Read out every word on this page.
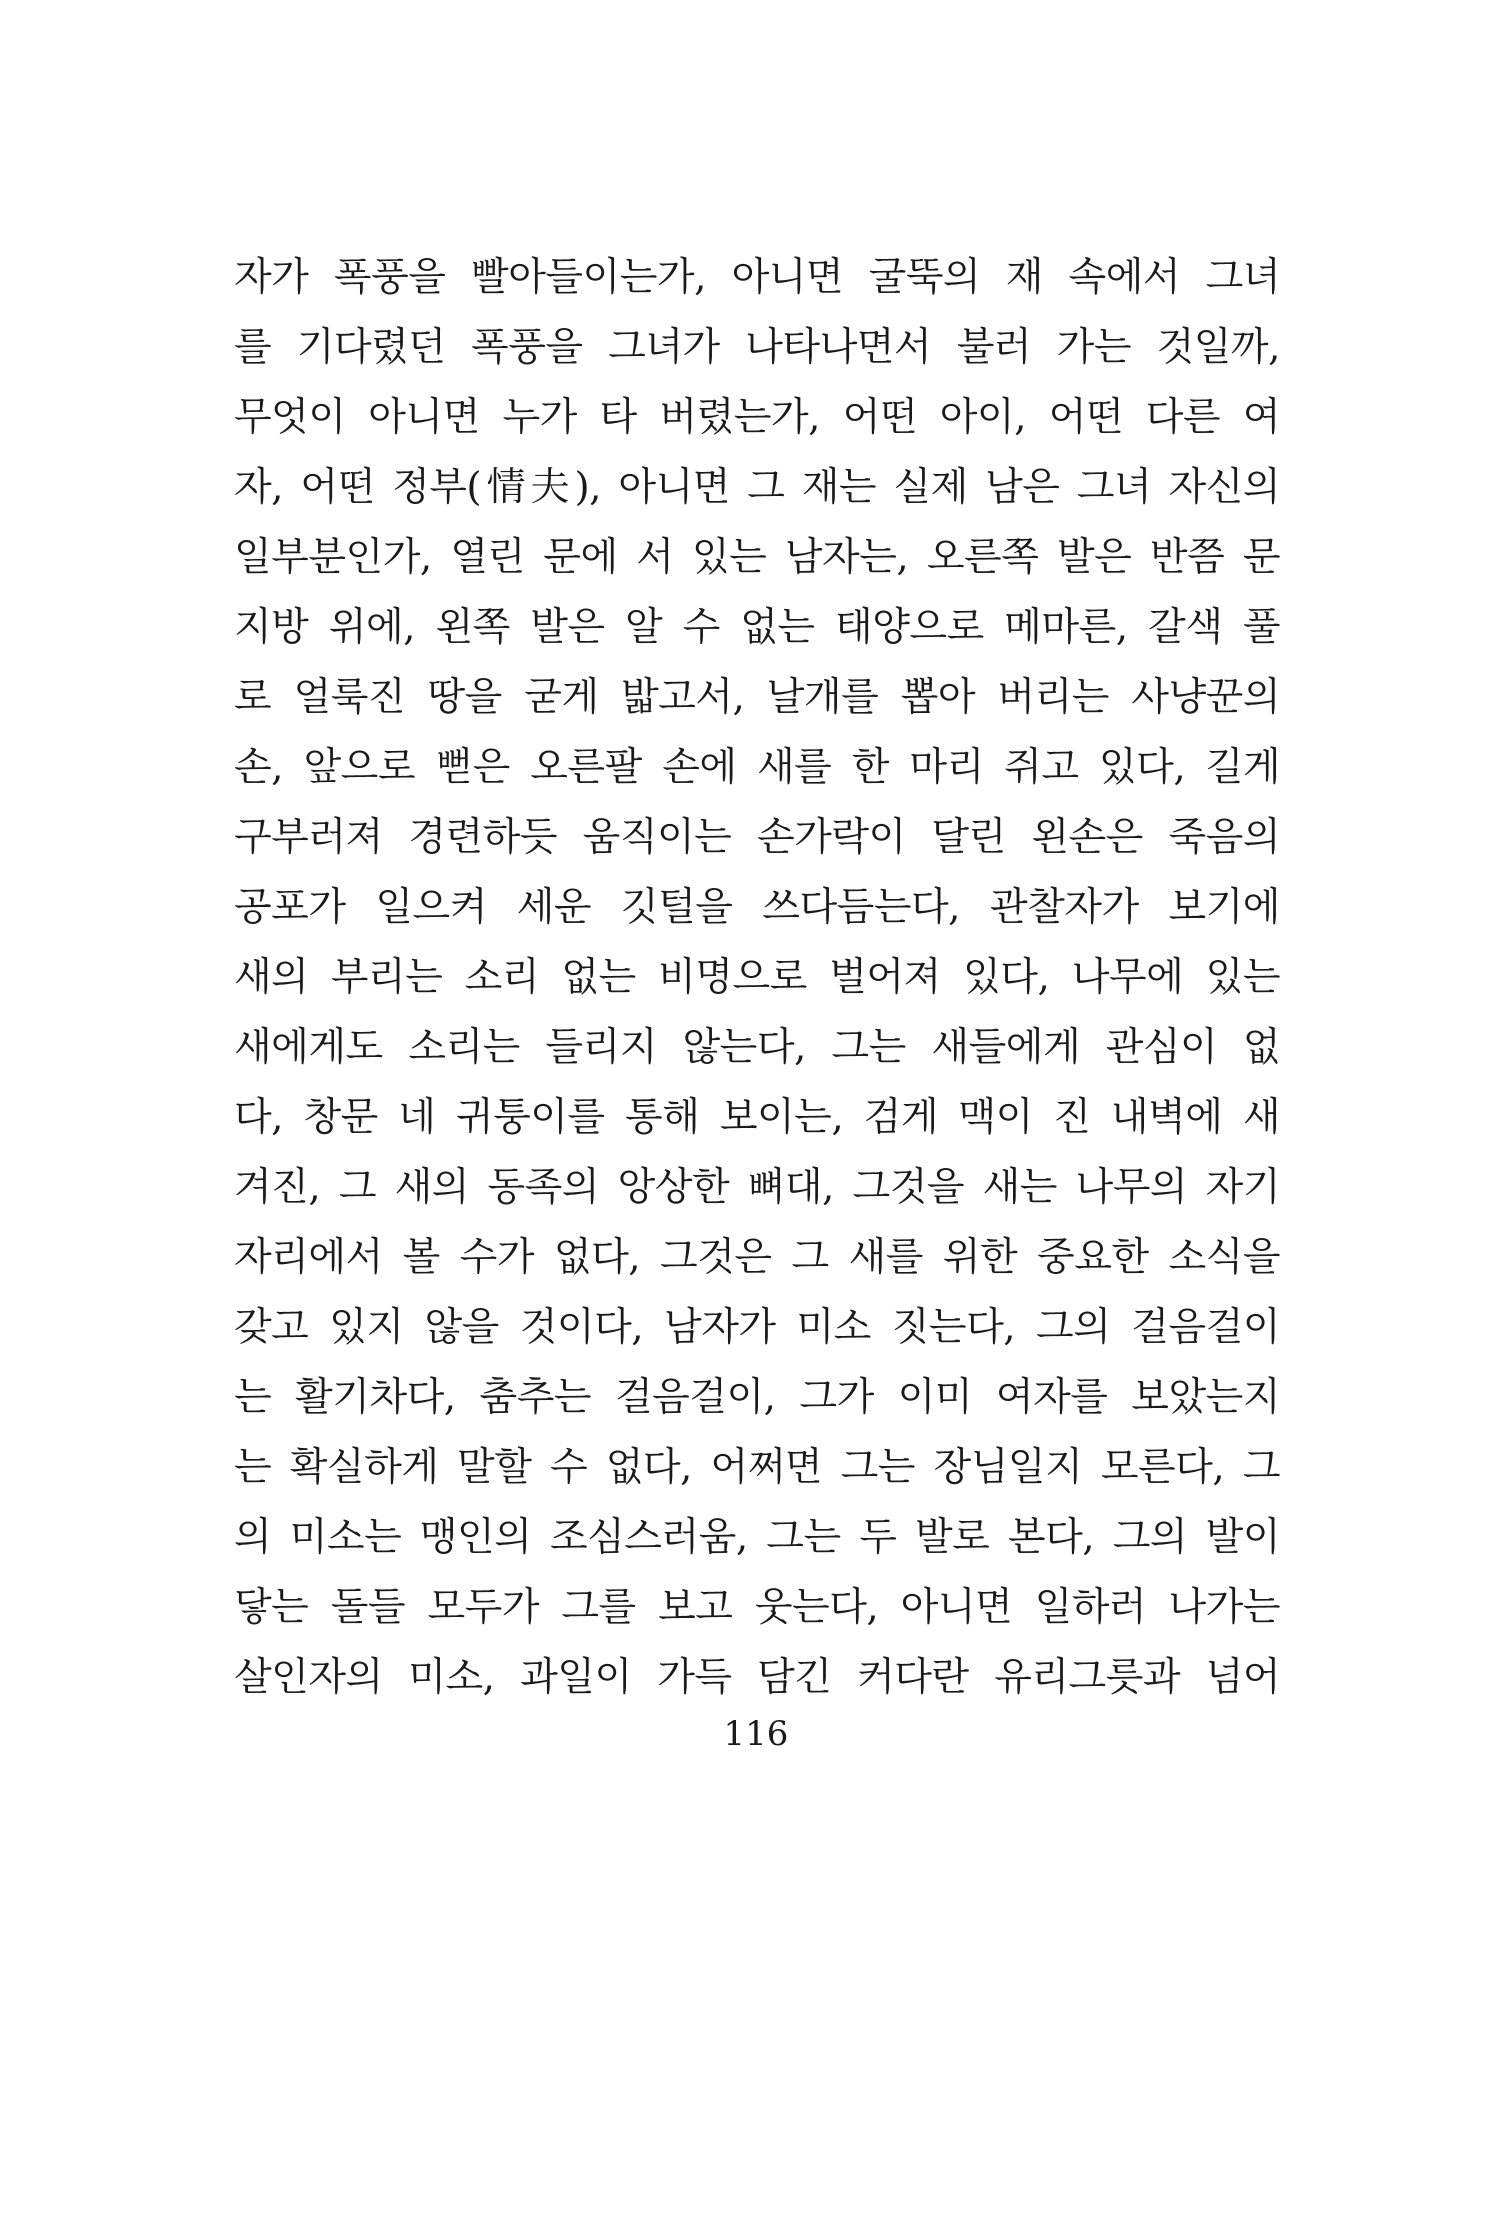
자가 폭풍을 빨아들이는가, 아니면 굴뚝의 재 속에서 그녀
를 기다렸던 폭풍을 그녀가 나타나면서 불러 가는 것일까,
무엇이 아니면 누가 타 버렸는가, 어떤 아이, 어떤 다른 여
자, 어떤 정부(情夫), 아니면 그 재는 실제 남은 그녀 자신의
일부분인가, 열린 문에 서 있는 남자는, 오른쪽 발은 반쯤 문
지방 위에, 왼쪽 발은 알 수 없는 태양으로 메마른, 갈색 풀
로 얼룩진 땅을 굳게 밟고서, 날개를 뽑아 버리는 사냥꾼의
손, 앞으로 뻗은 오른팔 손에 새를 한 마리 쥐고 있다, 길게
구부러져 경련하듯 움직이는 손가락이 달린 왼손은 죽음의
공포가 일으켜 세운 깃털을 쓰다듬는다, 관찰자가 보기에
새의 부리는 소리 없는 비명으로 벌어져 있다, 나무에 있는
새에게도 소리는 들리지 않는다, 그는 새들에게 관심이 없
다, 창문 네 귀퉁이를 통해 보이는, 검게 맥이 진 내벽에 새
겨진, 그 새의 동족의 앙상한 뼈대, 그것을 새는 나무의 자기
자리에서 볼 수가 없다, 그것은 그 새를 위한 중요한 소식을
갖고 있지 않을 것이다, 남자가 미소 짓는다, 그의 걸음걸이
는 활기차다, 춤추는 걸음걸이, 그가 이미 여자를 보았는지
는 확실하게 말할 수 없다, 어쩌면 그는 장님일지 모른다, 그
의 미소는 맹인의 조심스러움, 그는 두 발로 본다, 그의 발이
닿는 돌들 모두가 그를 보고 웃는다, 아니면 일하러 나가는
살인자의 미소, 과일이 가득 담긴 커다란 유리그릇과 넘어
116
